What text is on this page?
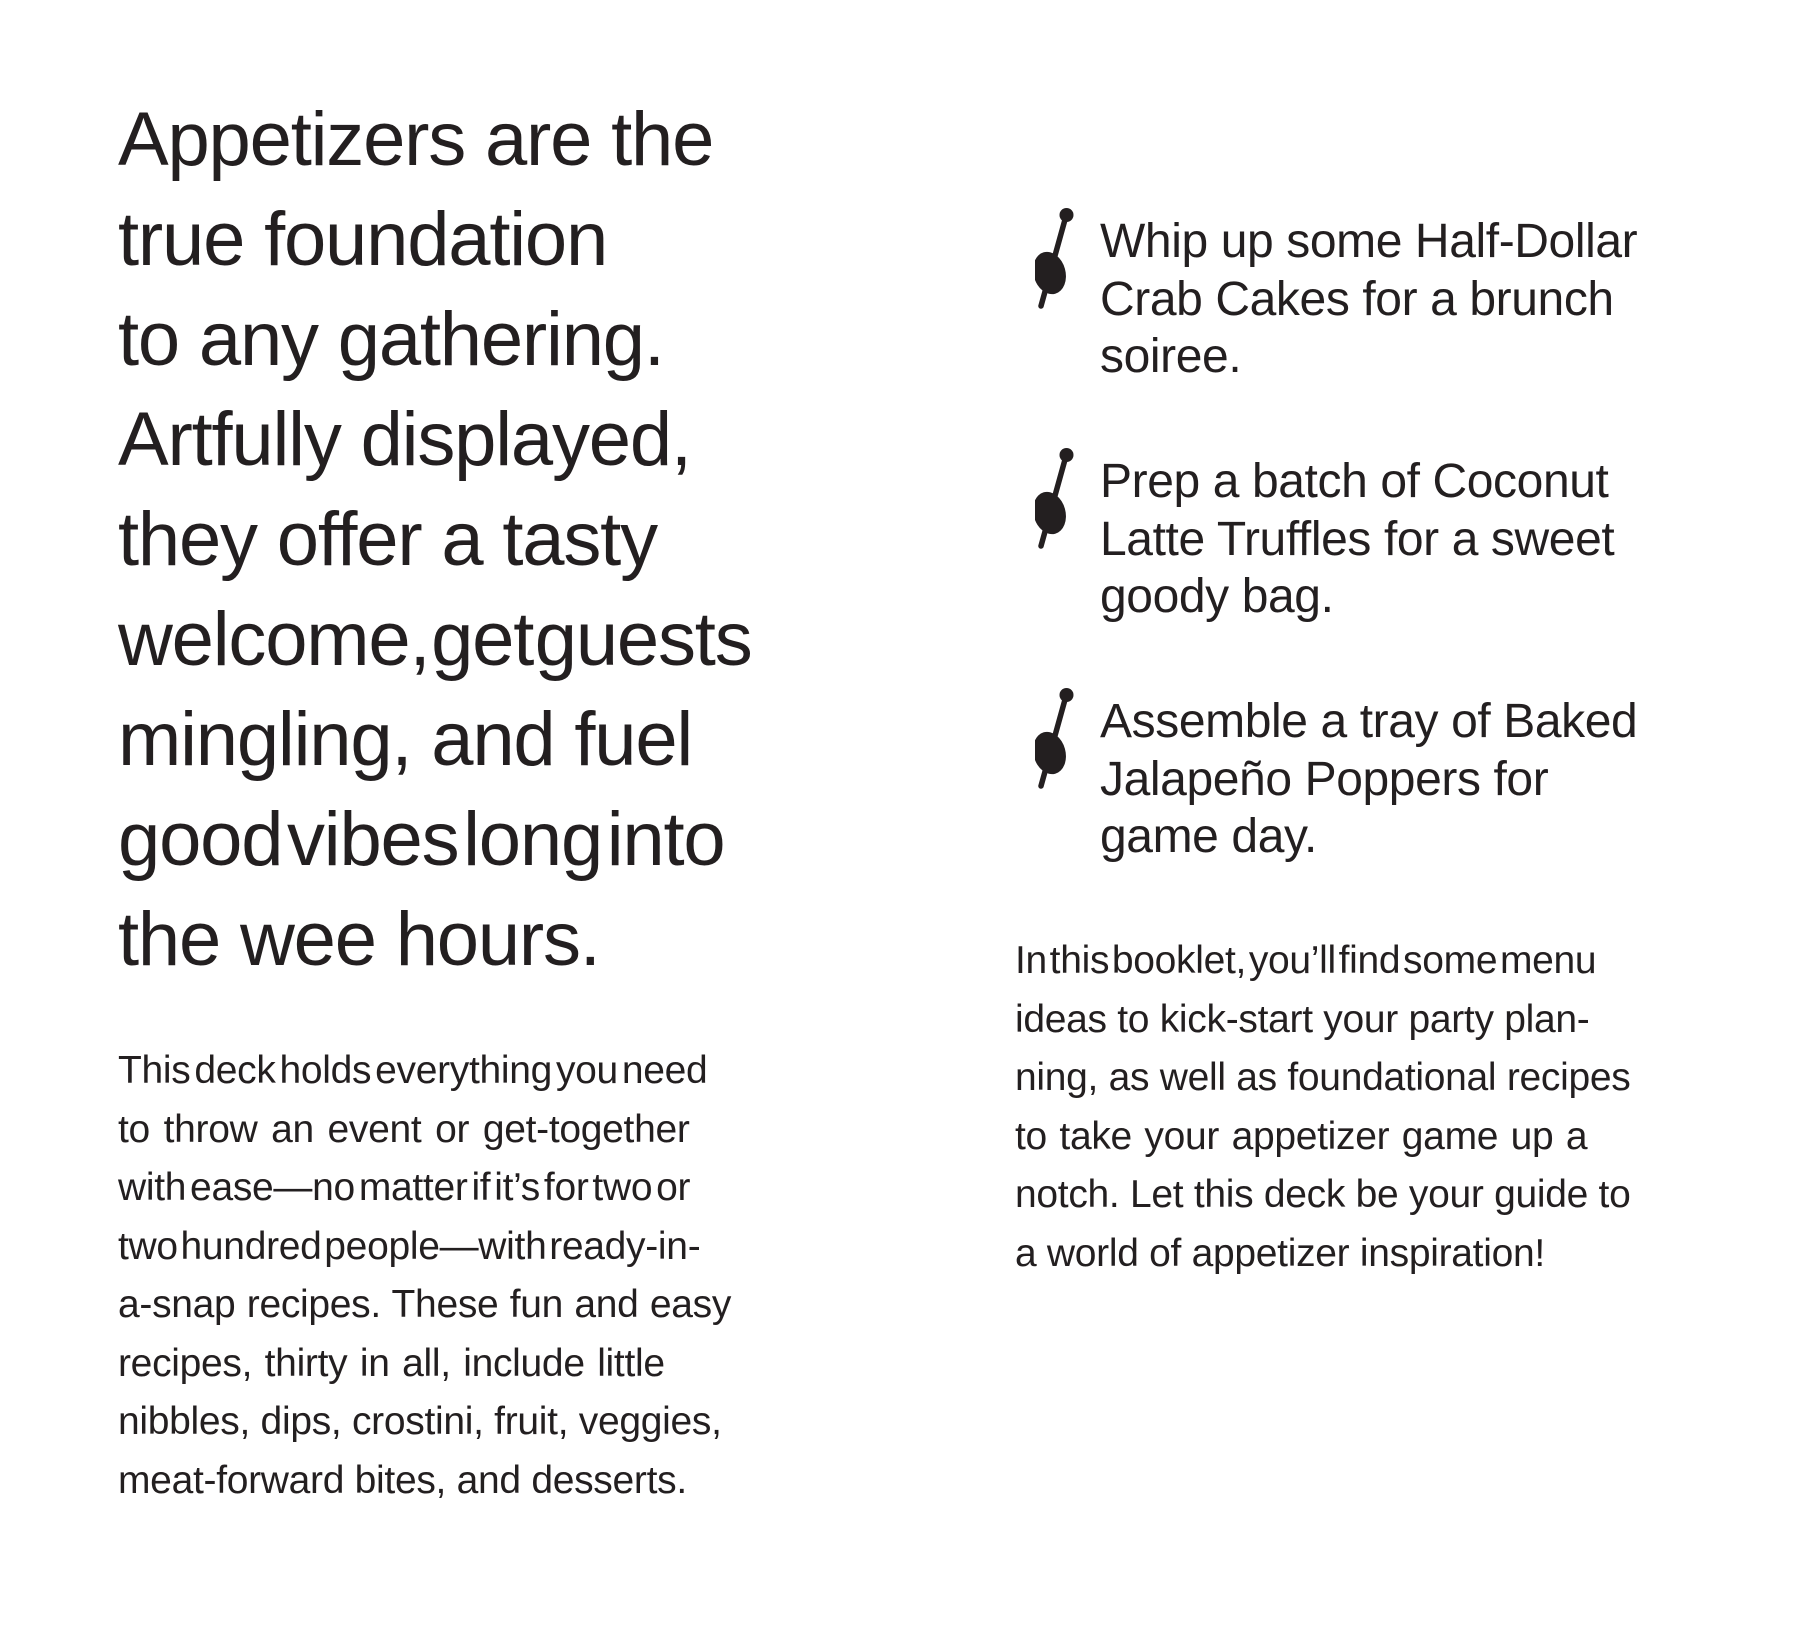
Appetizers are the
true foundation
to any gathering.
Artfully displayed,
they offer a tasty
welcome, get guests
mingling, and fuel
good vibes long into
the wee hours.

This deck holds everything you need
to throw an event or get-together
with ease—no matter if it’s for two or
two hundred people—with ready-in-
a-snap recipes. These fun and easy
recipes, thirty in all, include little
nibbles, dips, crostini, fruit, veggies,
meat-forward bites, and desserts.

Whip up some Half-Dollar
Crab Cakes for a brunch
soiree.
Prep a batch of Coconut
Latte Truffles for a sweet
goody bag.
Assemble a tray of Baked
Jalapeño Poppers for
game day.

In this booklet, you’ll find some menu
ideas to kick-start your party plan-
ning, as well as foundational recipes
to take your appetizer game up a
notch. Let this deck be your guide to
a world of appetizer inspiration!
